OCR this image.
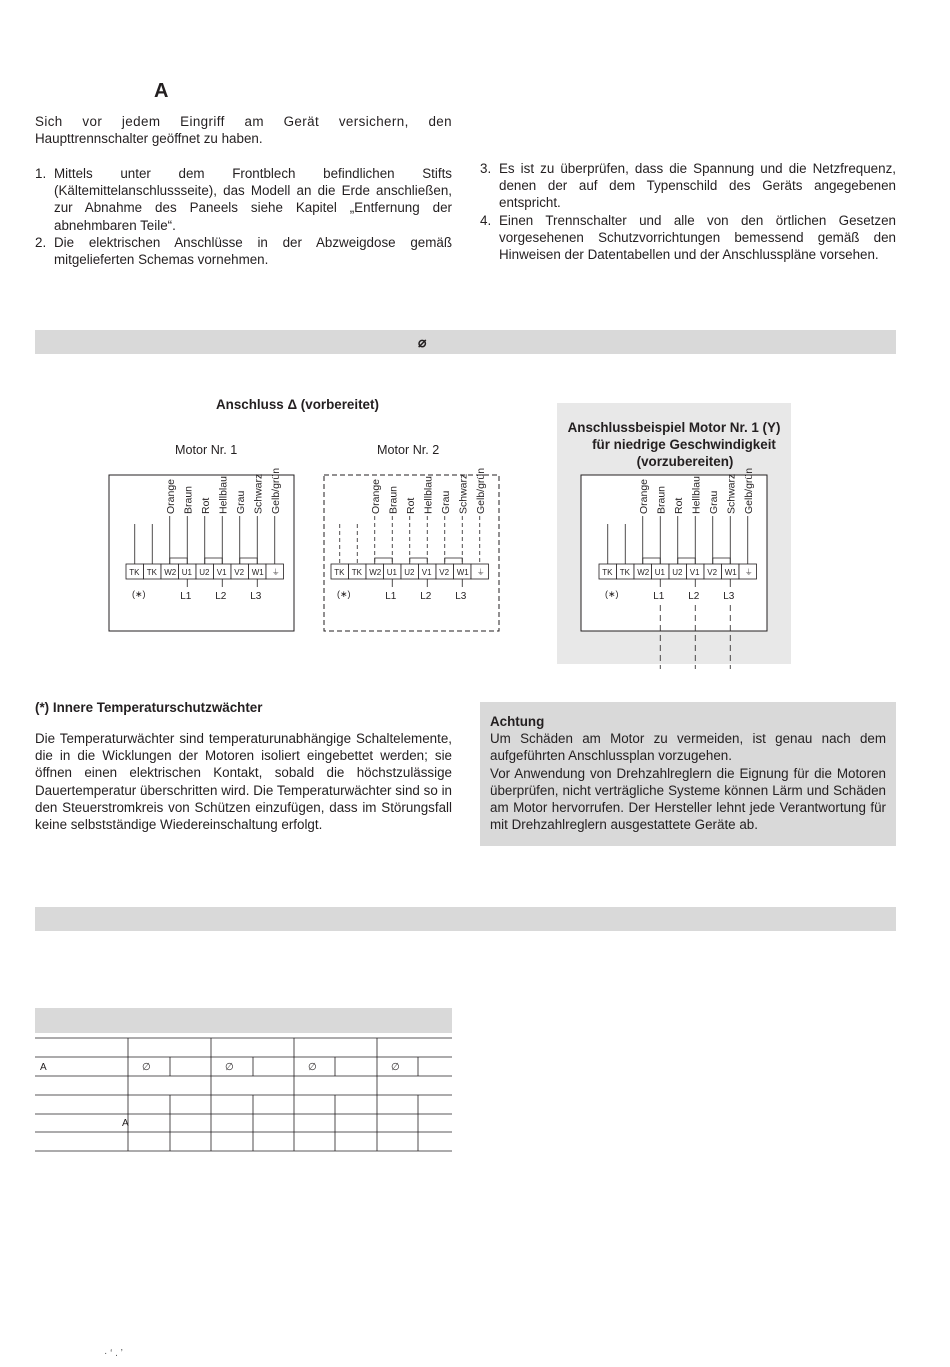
A
Sich vor jedem Eingriff am Gerät versichern, den
Haupttrennschalter geöffnet zu haben.
1. Mittels unter dem Frontblech befindlichen Stifts (Kältemittelanschlussseite), das Modell an die Erde anschließen, zur Abnahme des Paneels siehe Kapitel „Entfernung der abnehmbaren Teile“.
2. Die elektrischen Anschlüsse in der Abzweigdose gemäß mitgelieferten Schemas vornehmen.
3. Es ist zu überprüfen, dass die Spannung und die Netzfrequenz, denen der auf dem Typenschild des Geräts angegebenen entspricht.
4. Einen Trennschalter und alle von den örtlichen Gesetzen vorgesehenen Schutzvorrichtungen bemessend gemäß den Hinweisen der Datentabellen und der Anschlusspläne vorsehen.
⌀
Anschluss Δ (vorbereitet)
Motor Nr. 1	Motor Nr. 2
Anschlussbeispiel Motor Nr. 1 (Y)
für niedrige Geschwindigkeit
(vorzubereiten)
TK TK W2 U1 U2 V1 V2 W1 ⏚
Orange Braun Rot Hellblau Grau Schwarz Gelb/grün
(∗)	L1 L2 L3
TK TK W2 U1 U2 V1 V2 W1 ⏚
Orange Braun Rot Hellblau Grau Schwarz Gelb/grün
(∗)	L1 L2 L3
TK TK W2 U1 U2 V1 V2 W1 ⏚
Orange Braun Rot Hellblau Grau Schwarz Gelb/grün
(∗)	L1 L2 L3
(*) Innere Temperaturschutzwächter
Die Temperaturwächter sind temperaturunabhängige Schaltelemente, die in die Wicklungen der Motoren isoliert eingebettet werden; sie öffnen einen elektrischen Kontakt, sobald die höchstzulässige Dauertemperatur überschritten wird. Die Temperaturwächter sind so in den Steuerstromkreis von Schützen einzufügen, dass im Störungsfall keine selbstständige Wiedereinschaltung erfolgt.
Achtung
Um Schäden am Motor zu vermeiden, ist genau nach dem aufgeführten Anschlussplan vorzugehen.
Vor Anwendung von Drehzahlreglern die Eignung für die Motoren überprüfen, nicht verträgliche Systeme können Lärm und Schäden am Motor hervorrufen. Der Hersteller lehnt jede Verantwortung für mit Drehzahlreglern ausgestattete Geräte ab.
A
A
∅	∅	∅	∅
· ‘ . ’
